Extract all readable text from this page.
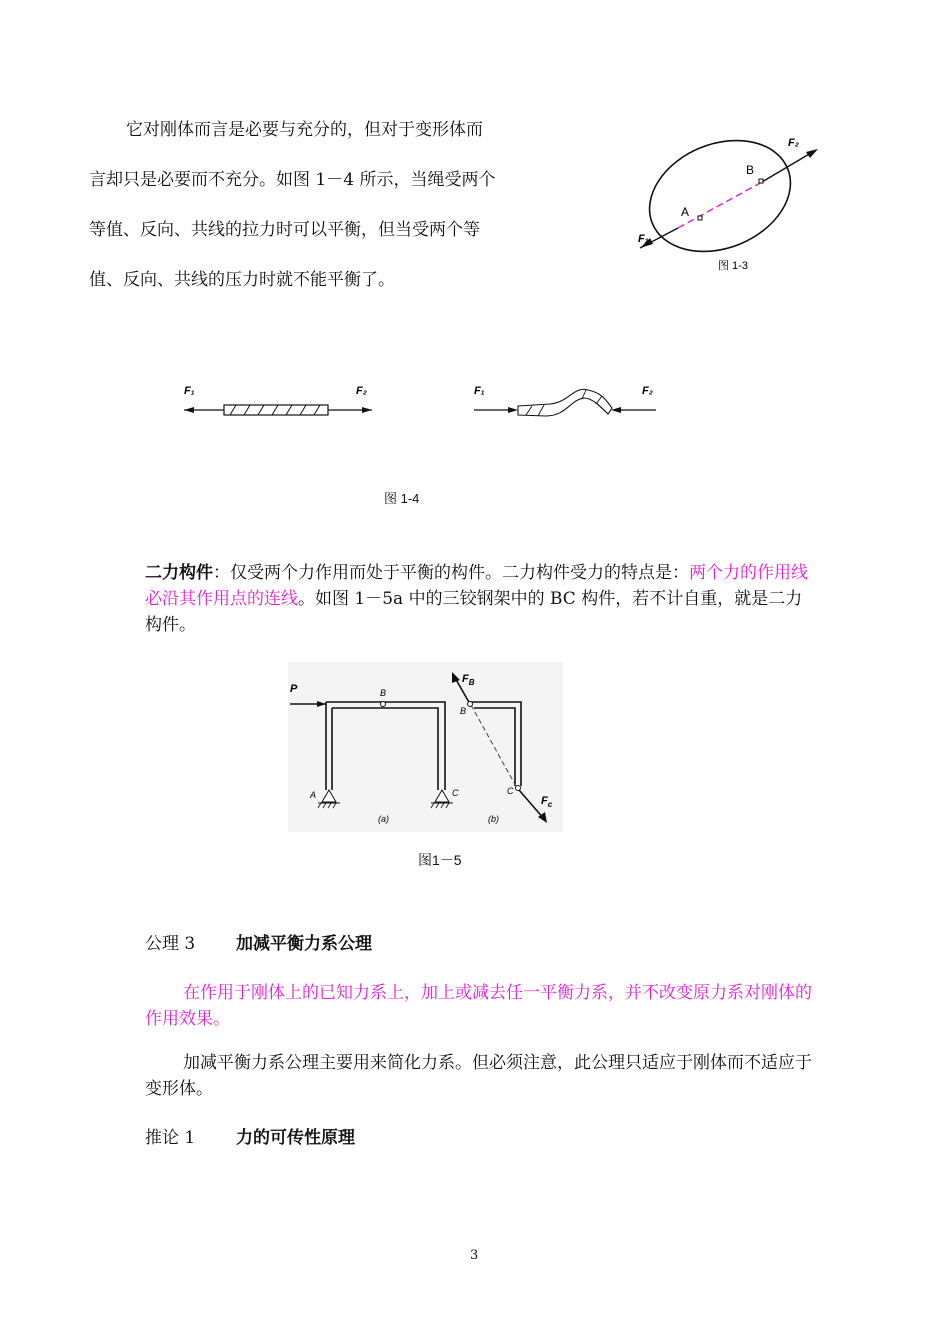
它对刚体而言是必要与充分的，但对于变形体而
言却只是必要而不充分。如图 1－4 所示，当绳受两个
等值、反向、共线的拉力时可以平衡，但当受两个等
值、反向、共线的压力时就不能平衡了。
A
B
F₁
F₂
图 1-3
F₁	F₂	F₁	F₂
图 1-4
二力构件：仅受两个力作用而处于平衡的构件。二力构件受力的特点是：两个力的作用线必沿其作用点的连线。如图 1－5a 中的三铰钢架中的 BC 构件，若不计自重，就是二力构件。
P	B
A	C
(a)
$F_B$
B
C
$F_c$
(b)
图1－5
公理 3 加减平衡力系公理
在作用于刚体上的已知力系上，加上或减去任一平衡力系，并不改变原力系对刚体的作用效果。
加减平衡力系公理主要用来简化力系。但必须注意，此公理只适应于刚体而不适应于变形体。
推论 1 力的可传性原理
3
